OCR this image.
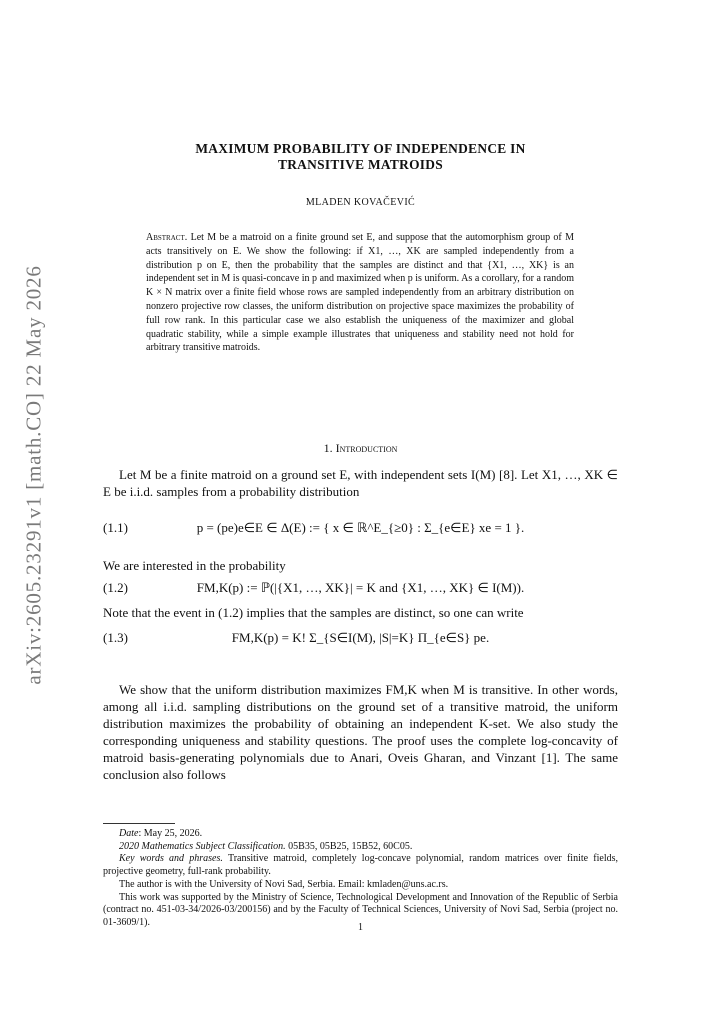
arXiv:2605.23291v1 [math.CO] 22 May 2026
MAXIMUM PROBABILITY OF INDEPENDENCE IN
TRANSITIVE MATROIDS
MLADEN KOVAČEVIĆ

Abstract. Let M be a matroid on a finite ground set E, and suppose that the automorphism group of M acts transitively on E. We show the following: if X1, …, XK are sampled independently from a distribution p on E, then the probability that the samples are distinct and that {X1, …, XK} is an independent set in M is quasi-concave in p and maximized when p is uniform. As a corollary, for a random K × N matrix over a finite field whose rows are sampled independently from an arbitrary distribution on nonzero projective row classes, the uniform distribution on projective space maximizes the probability of full row rank. In this particular case we also establish the uniqueness of the maximizer and global quadratic stability, while a simple example illustrates that uniqueness and stability need not hold for arbitrary transitive matroids.

1. Introduction

Let M be a finite matroid on a ground set E, with independent sets I(M) [8]. Let X1, …, XK ∈ E be i.i.d. samples from a probability distribution

(1.1)	p = (pe)e∈E ∈ Δ(E) := { x ∈ ℝ^E_{≥0} : Σ_{e∈E} xe = 1 }.

We are interested in the probability

(1.2)	FM,K(p) := ℙ(|{X1, …, XK}| = K and {X1, …, XK} ∈ I(M)).

Note that the event in (1.2) implies that the samples are distinct, so one can write

(1.3)	FM,K(p) = K! Σ_{S∈I(M), |S|=K} Π_{e∈S} pe.

We show that the uniform distribution maximizes FM,K when M is transitive. In other words, among all i.i.d. sampling distributions on the ground set of a transitive matroid, the uniform distribution maximizes the probability of obtaining an independent K-set. We also study the corresponding uniqueness and stability questions. The proof uses the complete log-concavity of matroid basis-generating polynomials due to Anari, Oveis Gharan, and Vinzant [1]. The same conclusion also follows

Date: May 25, 2026.

2020 Mathematics Subject Classification. 05B35, 05B25, 15B52, 60C05.

Key words and phrases. Transitive matroid, completely log-concave polynomial, random matrices over finite fields, projective geometry, full-rank probability.

The author is with the University of Novi Sad, Serbia. Email: kmladen@uns.ac.rs.

This work was supported by the Ministry of Science, Technological Development and Innovation of the Republic of Serbia (contract no. 451-03-34/2026-03/200156) and by the Faculty of Technical Sciences, University of Novi Sad, Serbia (project no. 01-3609/1).	1
